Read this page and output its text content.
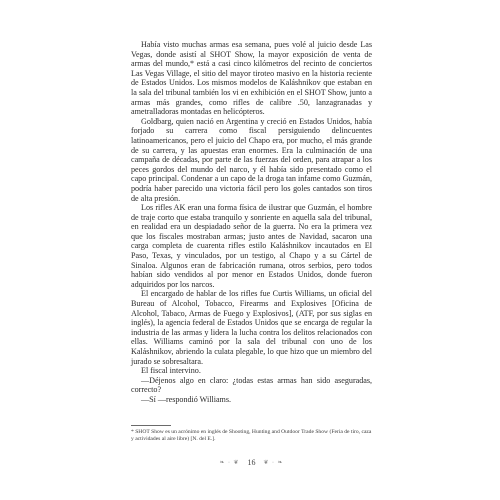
Había visto muchas armas esa semana, pues volé al juicio desde Las Vegas, donde asistí al SHOT Show, la mayor exposición de venta de armas del mundo,* está a casi cinco kilómetros del recinto de conciertos Las Vegas Village, el sitio del mayor tiroteo masivo en la historia reciente de Estados Unidos. Los mismos modelos de Kaláshnikov que estaban en la sala del tribunal también los vi en exhibición en el SHOT Show, junto a armas más grandes, como rifles de calibre .50, lanzagranadas y ametralladoras montadas en helicópteros.

Goldbarg, quien nació en Argentina y creció en Estados Unidos, había forjado su carrera como fiscal persiguiendo delincuentes latinoamericanos, pero el juicio del Chapo era, por mucho, el más grande de su carrera, y las apuestas eran enormes. Era la culminación de una campaña de décadas, por parte de las fuerzas del orden, para atrapar a los peces gordos del mundo del narco, y él había sido presentado como el capo principal. Condenar a un capo de la droga tan infame como Guzmán, podría haber parecido una victoria fácil pero los goles cantados son tiros de alta presión.

Los rifles AK eran una forma física de ilustrar que Guzmán, el hombre de traje corto que estaba tranquilo y sonriente en aquella sala del tribunal, en realidad era un despiadado señor de la guerra. No era la primera vez que los fiscales mostraban armas; justo antes de Navidad, sacaron una carga completa de cuarenta rifles estilo Kaláshnikov incautados en El Paso, Texas, y vinculados, por un testigo, al Chapo y a su Cártel de Sinaloa. Algunos eran de fabricación rumana, otros serbios, pero todos habían sido vendidos al por menor en Estados Unidos, donde fueron adquiridos por los narcos.

El encargado de hablar de los rifles fue Curtis Williams, un oficial del Bureau of Alcohol, Tobacco, Firearms and Explosives [Oficina de Alcohol, Tabaco, Armas de Fuego y Explosivos], (ATF, por sus siglas en inglés), la agencia federal de Estados Unidos que se encarga de regular la industria de las armas y lidera la lucha contra los delitos relacionados con ellas. Williams caminó por la sala del tribunal con uno de los Kaláshnikov, abriendo la culata plegable, lo que hizo que un miembro del jurado se sobresaltara.

El fiscal intervino.

—Déjenos algo en claro: ¿todas estas armas han sido aseguradas, correcto?

—Sí —respondió Williams.

* SHOT Show es un acrónimo en inglés de Shooting, Hunting and Outdoor Trade Show (Feria de tiro, caza y actividades al aire libre) [N. del E.].

❧ · ❦ 16 ❦ · ❧
